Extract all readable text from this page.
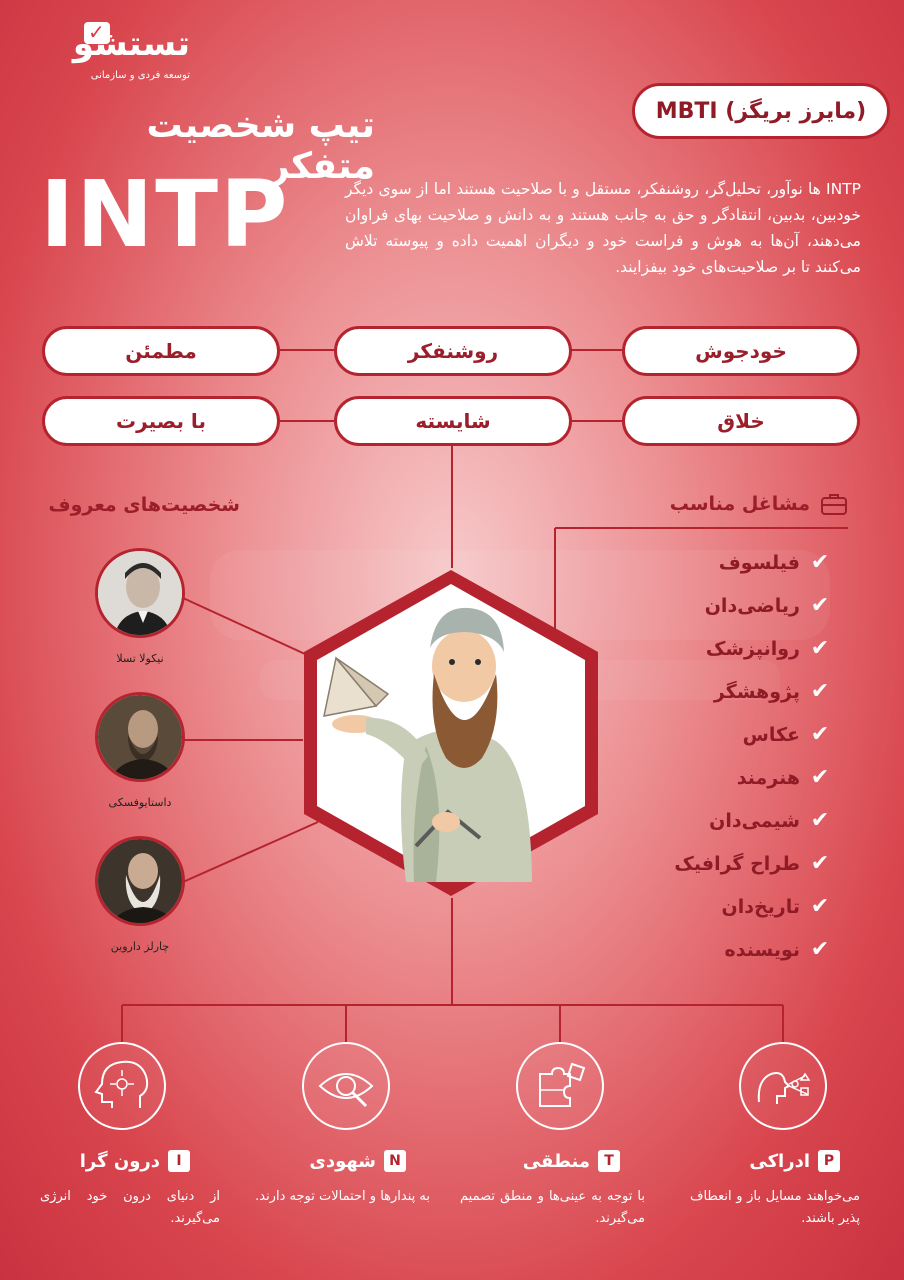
✓
تستشو
توسعه فردی و سازمانی
MBTI (مایرز بریگز)
تیپ شخصیت متفکر
INTP	INTP ها نوآور، تحلیل‌گر، روشنفکر، مستقل و با صلاحیت هستند اما از سوی دیگر خودبین، بدبین، انتقادگر و حق به جانب هستند و به دانش و صلاحیت بهای فراوان می‌دهند، آن‌ها به هوش و فراست خود و دیگران اهمیت داده و پیوسته تلاش می‌کنند تا بر صلاحیت‌های خود بیفزایند.
خودجوش
روشنفکر
مطمئن
خلاق
شایسته
با بصیرت
شخصیت‌های معروف
نیکولا تسلا
داستایوفسکی
چارلز داروین
مشاغل مناسب
✔
فیلسوف
✔
ریاضی‌دان
✔
روانپزشک
✔
پژوهشگر
✔
عکاس
✔
هنرمند
✔
شیمی‌دان
✔
طراح گرافیک
✔
تاریخ‌دان
✔
نویسنده
P
ادراکی
می‌خواهند مسایل باز و انعطاف پذیر باشند.
T
منطقی
با توجه به عینی‌ها و منطق تصمیم می‌گیرند.
N
شهودی
به پندارها و احتمالات توجه دارند.
I
درون گرا
از دنیای درون خود انرژی می‌گیرند.
